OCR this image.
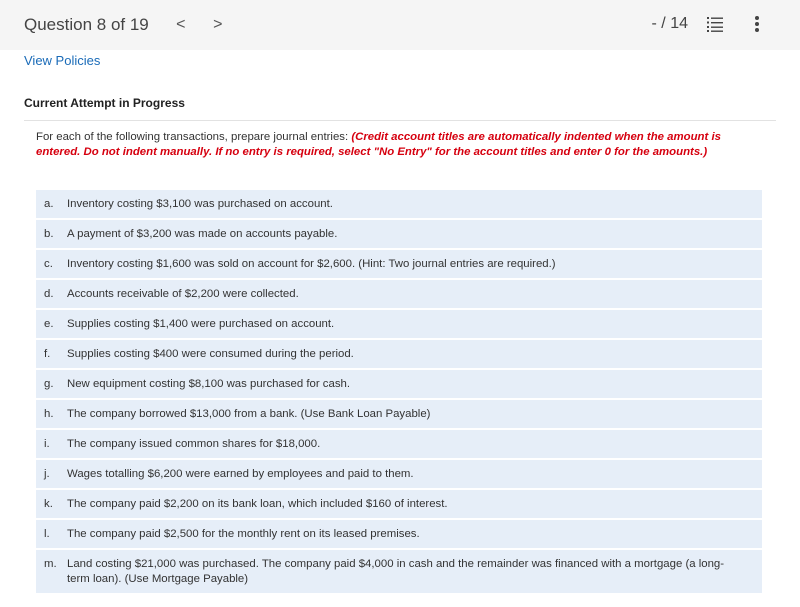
Question 8 of 19	<	>	- / 14
View Policies
Current Attempt in Progress
For each of the following transactions, prepare journal entries: (Credit account titles are automatically indented when the amount is entered. Do not indent manually. If no entry is required, select "No Entry" for the account titles and enter 0 for the amounts.)
a.	Inventory costing $3,100 was purchased on account.
b.	A payment of $3,200 was made on accounts payable.
c.	Inventory costing $1,600 was sold on account for $2,600. (Hint: Two journal entries are required.)
d.	Accounts receivable of $2,200 were collected.
e.	Supplies costing $1,400 were purchased on account.
f.	Supplies costing $400 were consumed during the period.
g.	New equipment costing $8,100 was purchased for cash.
h.	The company borrowed $13,000 from a bank. (Use Bank Loan Payable)
i.	The company issued common shares for $18,000.
j.	Wages totalling $6,200 were earned by employees and paid to them.
k.	The company paid $2,200 on its bank loan, which included $160 of interest.
l.	The company paid $2,500 for the monthly rent on its leased premises.
m. Land costing $21,000 was purchased. The company paid $4,000 in cash and the remainder was financed with a mortgage (a long-term loan). (Use Mortgage Payable)
